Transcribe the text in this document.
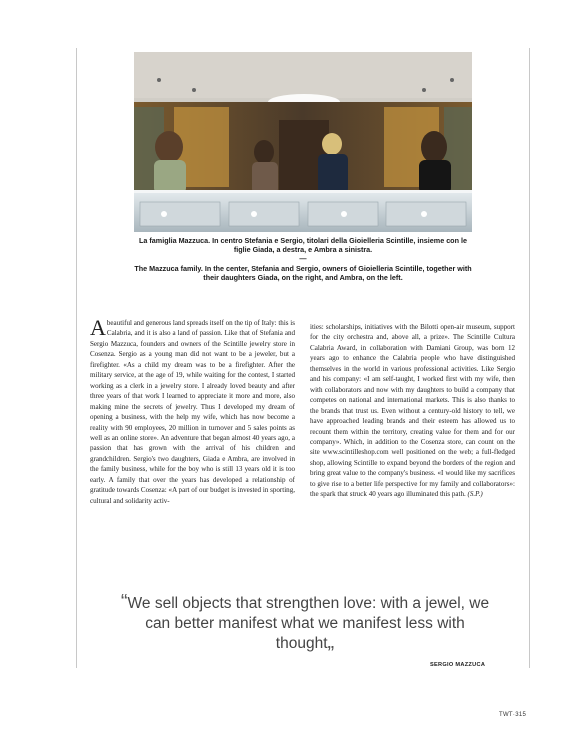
La famiglia Mazzuca. In centro Stefania e Sergio, titolari della Gioielleria Scintille, insieme con le figlie Giada, a destra, e Ambra a sinistra.

—

The Mazzuca family. In the center, Stefania and Sergio, owners of Gioielleria Scintille, together with their daughters Giada, on the right, and Ambra, on the left.

A beautiful and generous land spreads itself on the tip of Italy: this is Calabria, and it is also a land of passion. Like that of Stefania and Sergio Mazzuca, founders and owners of the Scintille jewelry store in Cosenza. Sergio as a young man did not want to be a jeweler, but a firefighter. «As a child my dream was to be a firefighter. After the military service, at the age of 19, while waiting for the contest, I started working as a clerk in a jewelry store. I already loved beauty and after three years of that work I learned to appreciate it more and more, also making mine the secrets of jewelry. Thus I developed my dream of opening a business, with the help my wife, which has now become a reality with 90 employees, 20 million in turnover and 5 sales points as well as an online store». An adventure that began almost 40 years ago, a passion that has grown with the arrival of his children and grandchildren. Sergio's two daughters, Giada e Ambra, are involved in the family business, while for the boy who is still 13 years old it is too early. A family that over the years has developed a relationship of gratitude towards Cosenza: «A part of our budget is invested in sporting, cultural and solidarity activ-

ities: scholarships, initiatives with the Bilotti open-air museum, support for the city orchestra and, above all, a prize». The Scintille Cultura Calabria Award, in collaboration with Damiani Group, was born 12 years ago to enhance the Calabria people who have distinguished themselves in the world in various professional activities. Like Sergio and his company: «I am self-taught, I worked first with my wife, then with collaborators and now with my daughters to build a company that competes on national and international markets. This is also thanks to the brands that trust us. Even without a century-old history to tell, we have approached leading brands and their esteem has allowed us to recount them within the territory, creating value for them and for our company». Which, in addition to the Cosenza store, can count on the site www.scintilleshop.com well positioned on the web; a full-fledged shop, allowing Scintille to expand beyond the borders of the region and bring great value to the company's business. «I would like my sacrifices to give rise to a better life perspective for my family and collaborators»: the spark that struck 40 years ago illuminated this path. (S.P.)

“We sell objects that strengthen love: with a jewel, we can better manifest what we manifest less with thought„
SERGIO MAZZUCA
TWT·315
